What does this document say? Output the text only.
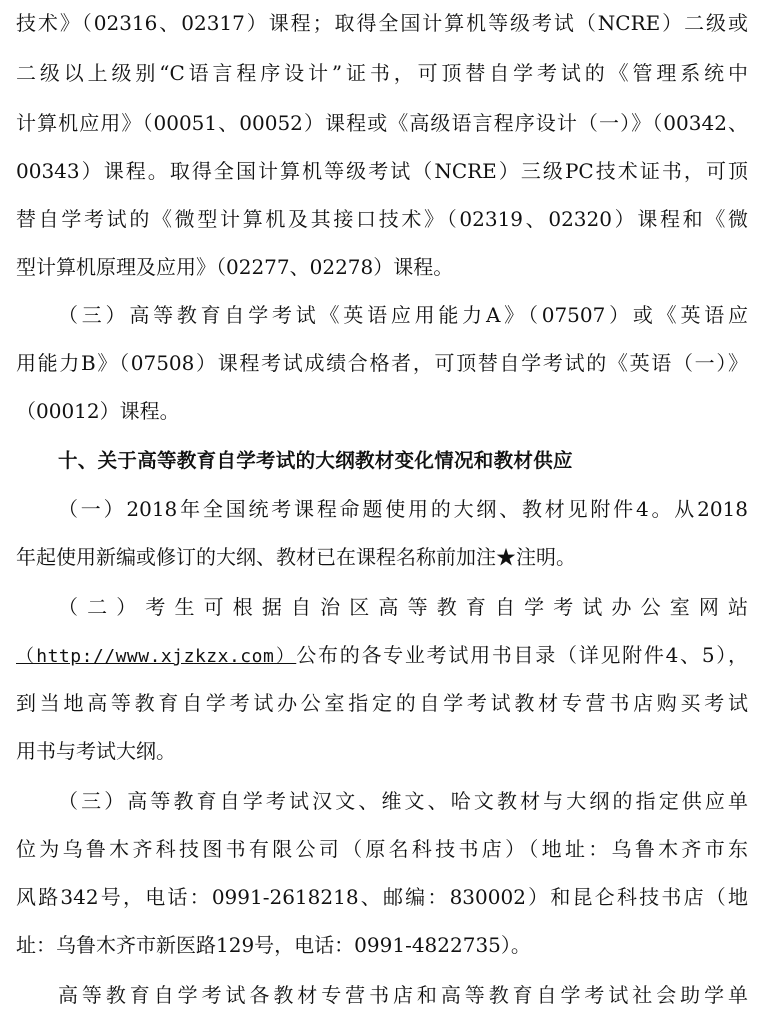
技术》（02316、02317）课程；取得全国计算机等级考试（NCRE）二级或
二级以上级别“C语言程序设计”证书，可顶替自学考试的《管理系统中
计算机应用》（00051、00052）课程或《高级语言程序设计（一）》（00342、
00343）课程。取得全国计算机等级考试（NCRE）三级PC技术证书，可顶
替自学考试的《微型计算机及其接口技术》（02319、02320）课程和《微
型计算机原理及应用》（02277、02278）课程。
（三）高等教育自学考试《英语应用能力A》（07507）或《英语应
用能力B》（07508）课程考试成绩合格者，可顶替自学考试的《英语（一）》
（00012）课程。
十、关于高等教育自学考试的大纲教材变化情况和教材供应
（一）2018年全国统考课程命题使用的大纲、教材见附件4。从2018
年起使用新编或修订的大纲、教材已在课程名称前加注★注明。
（二）考生可根据自治区高等教育自学考试办公室网站
（http://www.xjzkzx.com）公布的各专业考试用书目录（详见附件4、5），
到当地高等教育自学考试办公室指定的自学考试教材专营书店购买考试
用书与考试大纲。
（三）高等教育自学考试汉文、维文、哈文教材与大纲的指定供应单
位为乌鲁木齐科技图书有限公司（原名科技书店）（地址：乌鲁木齐市东
风路342号，电话：0991-2618218、邮编：830002）和昆仑科技书店（地
址：乌鲁木齐市新医路129号，电话：0991-4822735）。
高等教育自学考试各教材专营书店和高等教育自学考试社会助学单
